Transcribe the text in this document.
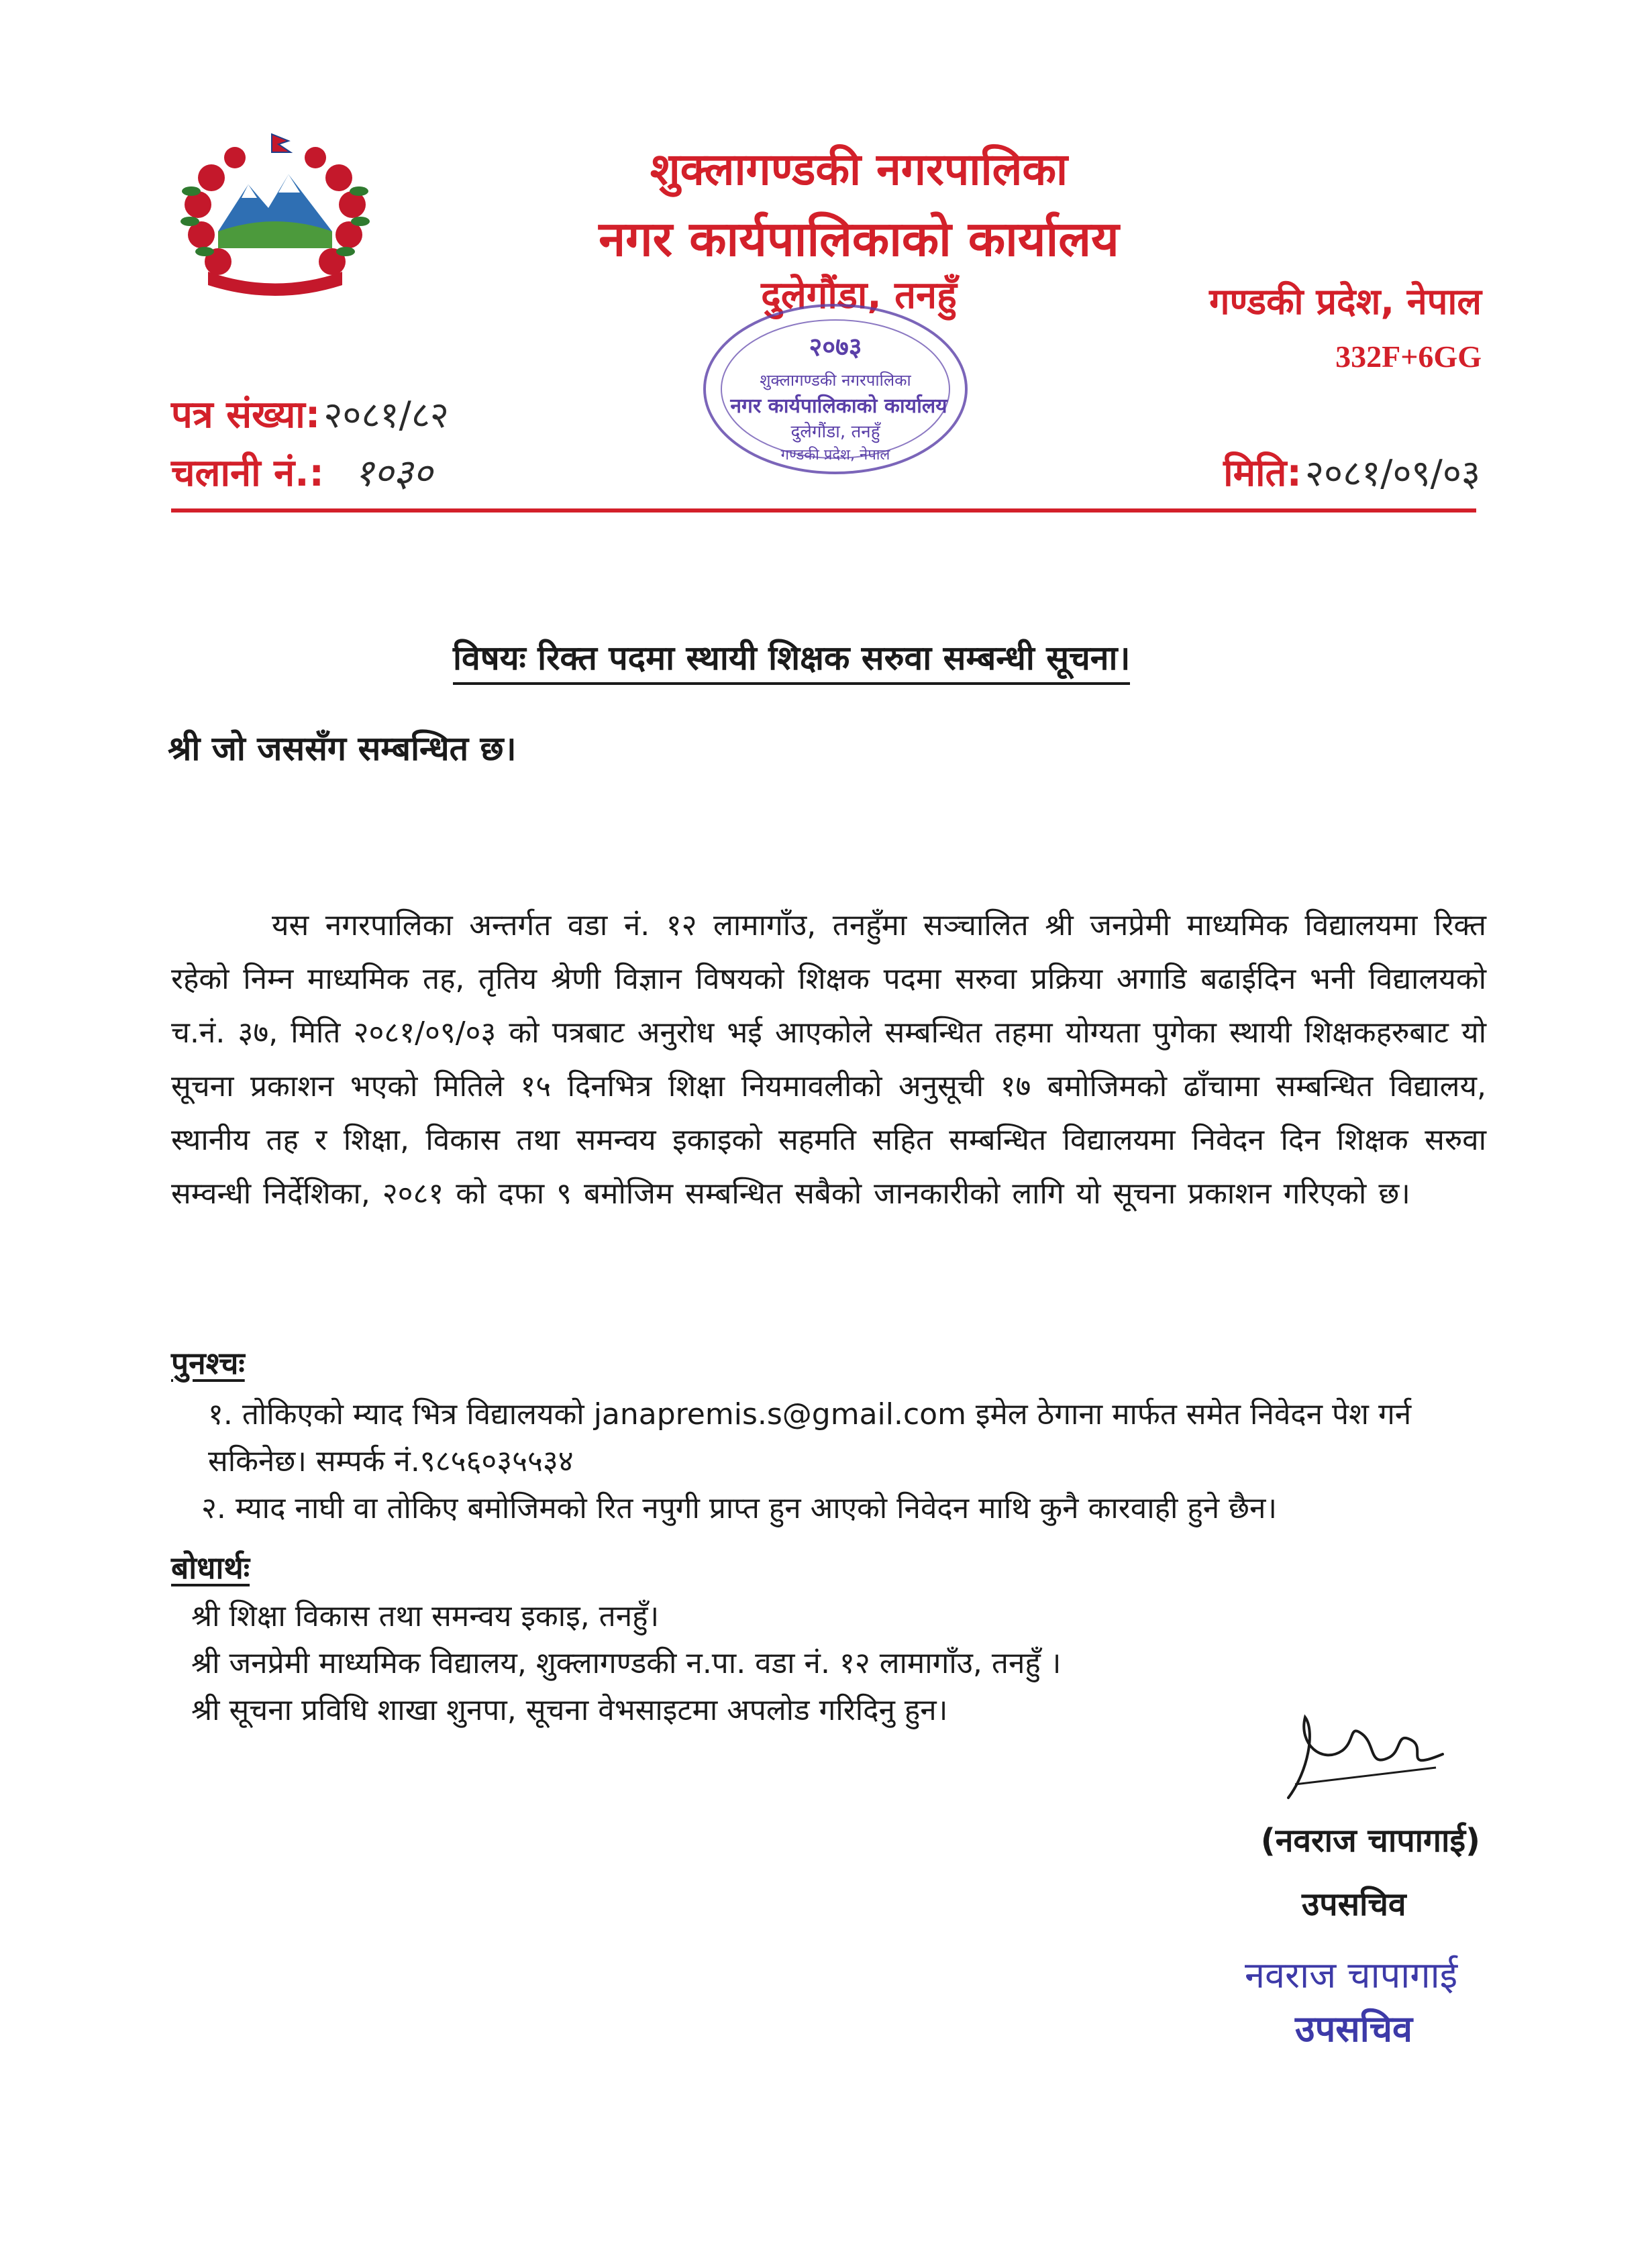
शुक्लागण्डकी नगरपालिका
नगर कार्यपालिकाको कार्यालय
दुलेगौंडा, तनहुँ	गण्डकी प्रदेश, नेपाल
332F+6GG
२०७३
शुक्लागण्डकी नगरपालिका
नगर कार्यपालिकाको कार्यालय
दुलेगौंडा, तनहुँ
गण्डकी प्रदेश, नेपाल
पत्र संख्या: २०८१/८२
चलानी नं.: १०३०	मिति: २०८१/०९/०३
विषयः रिक्त पदमा स्थायी शिक्षक सरुवा सम्बन्धी सूचना।
श्री जो जससँग सम्बन्धित छ।
यस नगरपालिका अन्तर्गत वडा नं. १२ लामागाँउ, तनहुँमा सञ्चालित श्री जनप्रेमी माध्यमिक विद्यालयमा रिक्त रहेको निम्न माध्यमिक तह, तृतिय श्रेणी विज्ञान विषयको शिक्षक पदमा सरुवा प्रक्रिया अगाडि बढाईदिन भनी विद्यालयको च.नं. ३७, मिति २०८१/०९/०३ को पत्रबाट अनुरोध भई आएकोले सम्बन्धित तहमा योग्यता पुगेका स्थायी शिक्षकहरुबाट यो सूचना प्रकाशन भएको मितिले १५ दिनभित्र शिक्षा नियमावलीको अनुसूची १७ बमोजिमको ढाँचामा सम्बन्धित विद्यालय, स्थानीय तह र शिक्षा, विकास तथा समन्वय इकाइको सहमति सहित सम्बन्धित विद्यालयमा निवेदन दिन शिक्षक सरुवा सम्वन्धी निर्देशिका, २०८१ को दफा ९ बमोजिम सम्बन्धित सबैको जानकारीको लागि यो सूचना प्रकाशन गरिएको छ।
पुनश्चः
१. तोकिएको म्याद भित्र विद्यालयको janapremis.s@gmail.com इमेल ठेगाना मार्फत समेत निवेदन पेश गर्न सकिनेछ। सम्पर्क नं.९८५६०३५५३४
२. म्याद नाघी वा तोकिए बमोजिमको रित नपुगी प्राप्त हुन आएको निवेदन माथि कुनै कारवाही हुने छैन।
बोधार्थः
श्री शिक्षा विकास तथा समन्वय इकाइ, तनहुँ।
श्री जनप्रेमी माध्यमिक विद्यालय, शुक्लागण्डकी न.पा. वडा नं. १२ लामागाँउ, तनहुँ ।
श्री सूचना प्रविधि शाखा शुनपा, सूचना वेभसाइटमा अपलोड गरिदिनु हुन।
(नवराज चापागाई)
उपसचिव
नवराज चापागाई
उपसचिव
